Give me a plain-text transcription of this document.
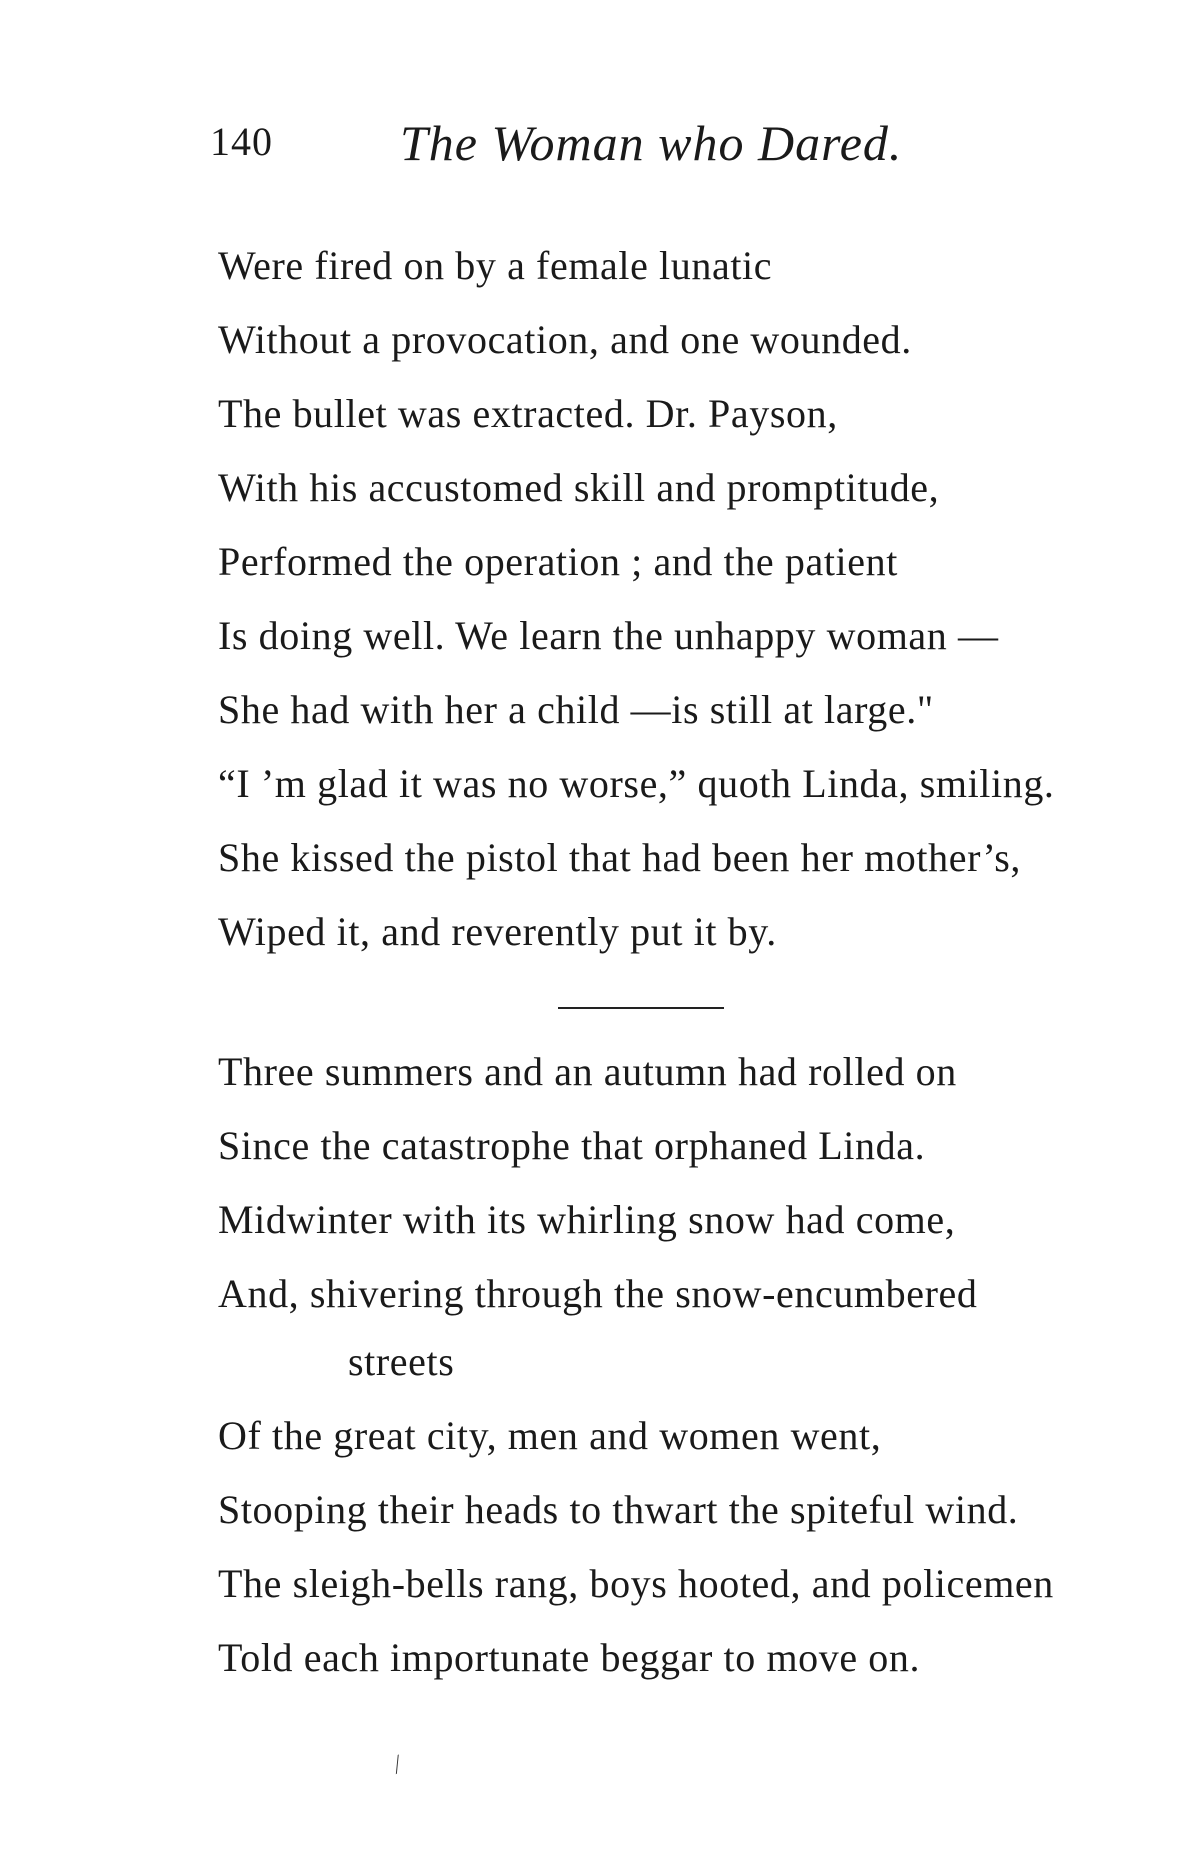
140	The Woman who Dared.
Were fired on by a female lunatic
Without a provocation, and one wounded.
The bullet was extracted. Dr. Payson,
With his accustomed skill and promptitude,
Performed the operation ; and the patient
Is doing well. We learn the unhappy woman —
She had with her a child —is still at large."
“I ’m glad it was no worse,” quoth Linda, smiling.
She kissed the pistol that had been her mother’s,
Wiped it, and reverently put it by.
Three summers and an autumn had rolled on
Since the catastrophe that orphaned Linda.
Midwinter with its whirling snow had come,
And, shivering through the snow-encumbered
streets
Of the great city, men and women went,
Stooping their heads to thwart the spiteful wind.
The sleigh-bells rang, boys hooted, and policemen
Told each importunate beggar to move on.
⁄
